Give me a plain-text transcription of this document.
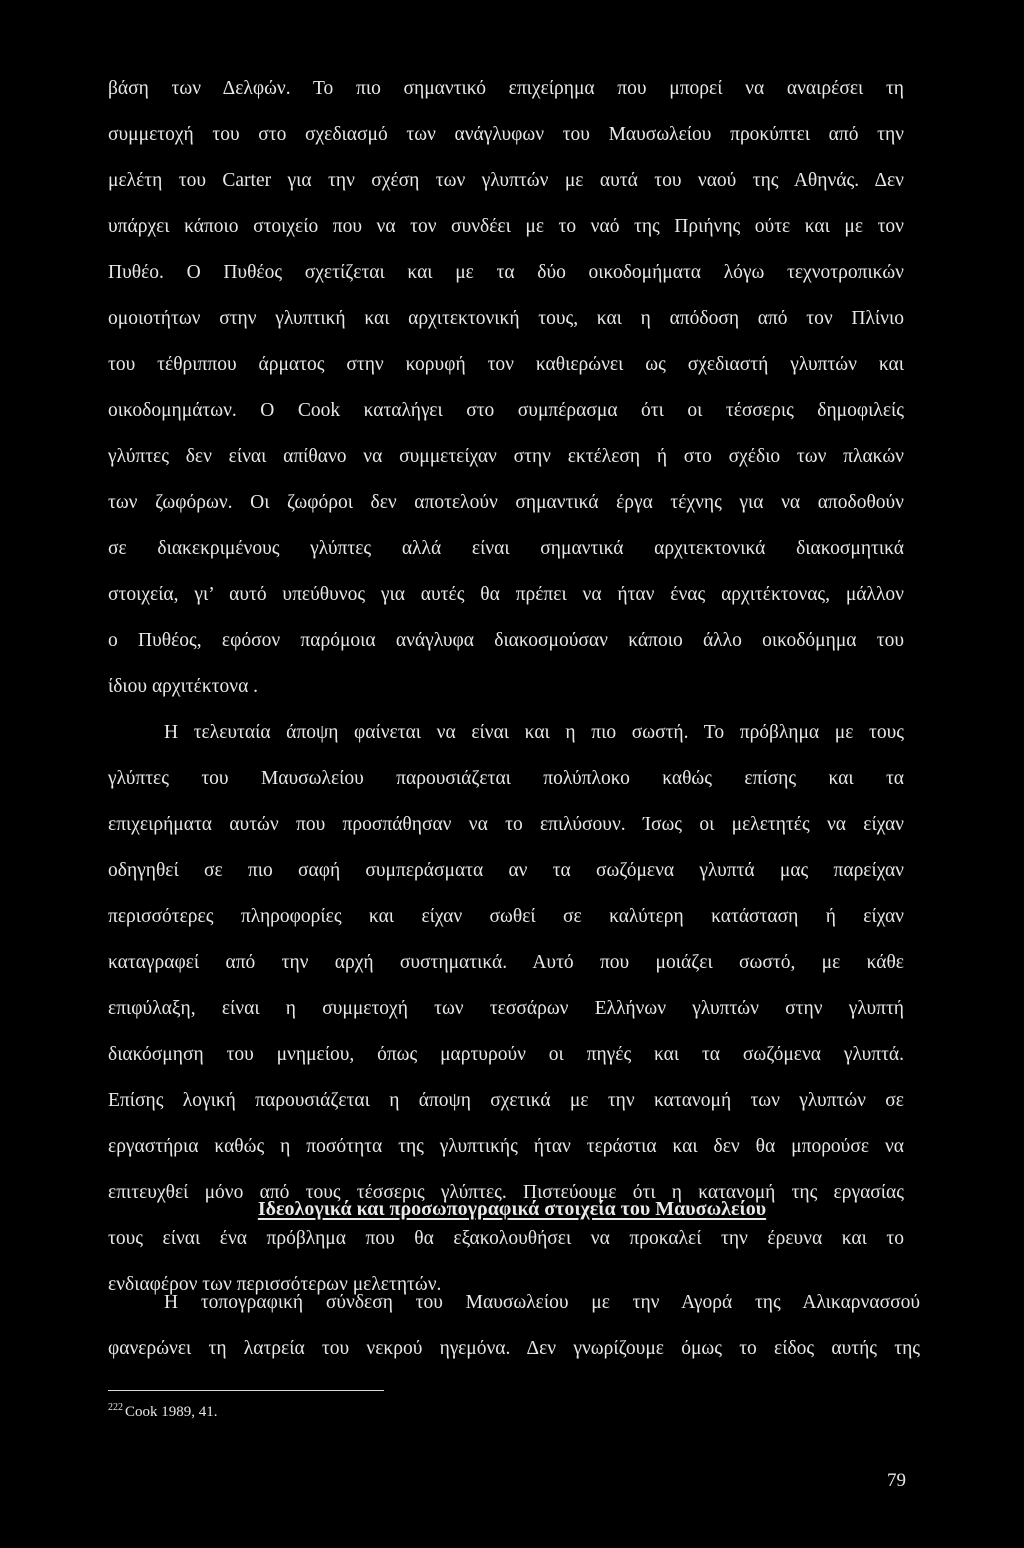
βάση των Δελφών. Το πιο σημαντικό επιχείρημα που μπορεί να αναιρέσει τη
συμμετοχή του στο σχεδιασμό των ανάγλυφων του Μαυσωλείου προκύπτει από την
μελέτη του Carter για την σχέση των γλυπτών με αυτά του ναού της Αθηνάς. Δεν
υπάρχει κάποιο στοιχείο που να τον συνδέει με το ναό της Πριήνης ούτε και με τον
Πυθέο. Ο Πυθέος σχετίζεται και με τα δύο οικοδομήματα λόγω τεχνοτροπικών
ομοιοτήτων στην γλυπτική και αρχιτεκτονική τους, και η απόδοση από τον Πλίνιο
του τέθριππου άρματος στην κορυφή τον καθιερώνει ως σχεδιαστή γλυπτών και
οικοδομημάτων. Ο Cook καταλήγει στο συμπέρασμα ότι οι τέσσερις δημοφιλείς
γλύπτες δεν είναι απίθανο να συμμετείχαν στην εκτέλεση ή στο σχέδιο των πλακών
των ζωφόρων. Οι ζωφόροι δεν αποτελούν σημαντικά έργα τέχνης για να αποδοθούν
σε διακεκριμένους γλύπτες αλλά είναι σημαντικά αρχιτεκτονικά διακοσμητικά
στοιχεία, γι’ αυτό υπεύθυνος για αυτές θα πρέπει να ήταν ένας αρχιτέκτονας, μάλλον
ο Πυθέος, εφόσον παρόμοια ανάγλυφα διακοσμούσαν κάποιο άλλο οικοδόμημα του
ίδιου αρχιτέκτονα .
Η τελευταία άποψη φαίνεται να είναι και η πιο σωστή. Το πρόβλημα με τους
γλύπτες του Μαυσωλείου παρουσιάζεται πολύπλοκο καθώς επίσης και τα
επιχειρήματα αυτών που προσπάθησαν να το επιλύσουν. Ίσως οι μελετητές να είχαν
οδηγηθεί σε πιο σαφή συμπεράσματα αν τα σωζόμενα γλυπτά μας παρείχαν
περισσότερες πληροφορίες και είχαν σωθεί σε καλύτερη κατάσταση ή είχαν
καταγραφεί από την αρχή συστηματικά. Αυτό που μοιάζει σωστό, με κάθε
επιφύλαξη, είναι η συμμετοχή των τεσσάρων Ελλήνων γλυπτών στην γλυπτή
διακόσμηση του μνημείου, όπως μαρτυρούν οι πηγές και τα σωζόμενα γλυπτά.
Επίσης λογική παρουσιάζεται η άποψη σχετικά με την κατανομή των γλυπτών σε
εργαστήρια καθώς η ποσότητα της γλυπτικής ήταν τεράστια και δεν θα μπορούσε να
επιτευχθεί μόνο από τους τέσσερις γλύπτες. Πιστεύουμε ότι η κατανομή της εργασίας
τους είναι ένα πρόβλημα που θα εξακολουθήσει να προκαλεί την έρευνα και το
ενδιαφέρον των περισσότερων μελετητών.
Ιδεολογικά και προσωπογραφικά στοιχεία του Μαυσωλείου
Η τοπογραφική σύνδεση του Μαυσωλείου με την Αγορά της Αλικαρνασσού
φανερώνει τη λατρεία του νεκρού ηγεμόνα. Δεν γνωρίζουμε όμως το είδος αυτής της
$^{222}$ Cook 1989, 41.
79
